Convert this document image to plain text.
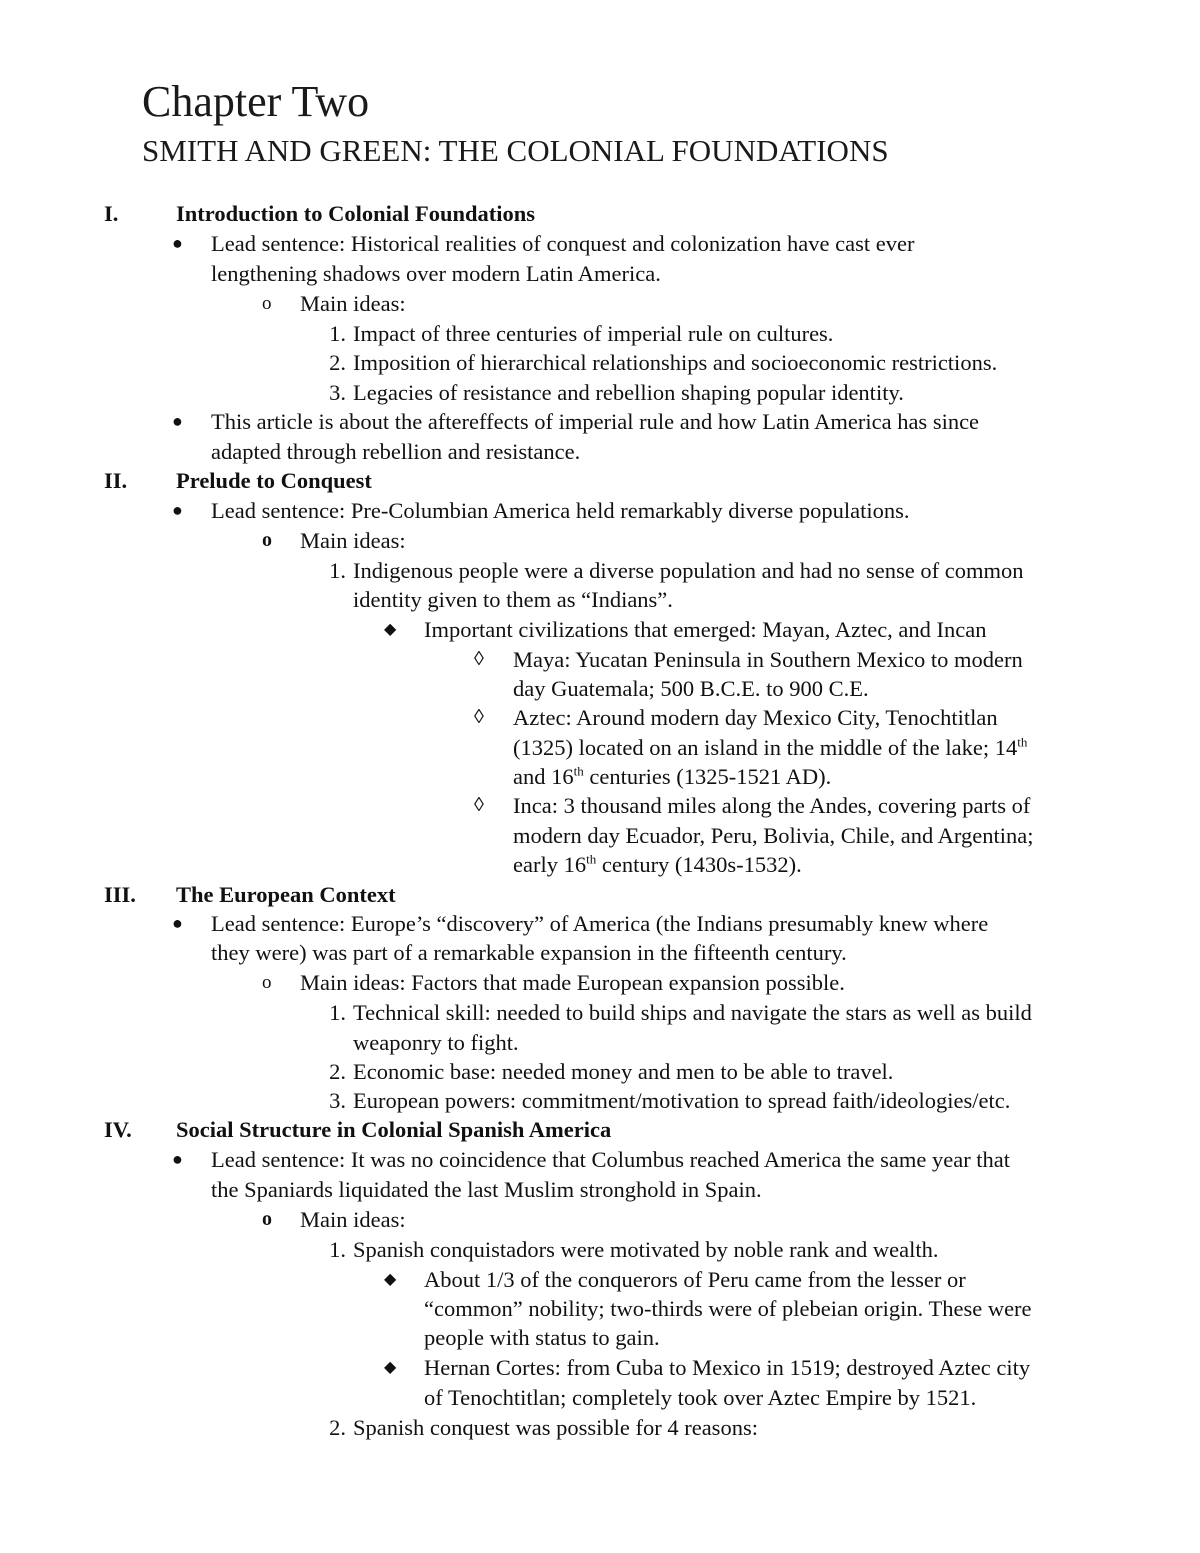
Chapter Two
SMITH AND GREEN: THE COLONIAL FOUNDATIONS
I.	Introduction to Colonial Foundations
● Lead sentence: Historical realities of conquest and colonization have cast ever
lengthening shadows over modern Latin America.
o Main ideas:
1. Impact of three centuries of imperial rule on cultures.
2. Imposition of hierarchical relationships and socioeconomic restrictions.
3. Legacies of resistance and rebellion shaping popular identity.
● This article is about the aftereffects of imperial rule and how Latin America has since
adapted through rebellion and resistance.
II. Prelude to Conquest
● Lead sentence: Pre-Columbian America held remarkably diverse populations.
o Main ideas:
1. Indigenous people were a diverse population and had no sense of common
identity given to them as “Indians”.
◆ Important civilizations that emerged: Mayan, Aztec, and Incan
◊ Maya: Yucatan Peninsula in Southern Mexico to modern
day Guatemala; 500 B.C.E. to 900 C.E.
◊ Aztec: Around modern day Mexico City, Tenochtitlan
(1325) located on an island in the middle of the lake; 14th
and 16th centuries (1325-1521 AD).
◊ Inca: 3 thousand miles along the Andes, covering parts of
modern day Ecuador, Peru, Bolivia, Chile, and Argentina;
early 16th century (1430s-1532).
III. The European Context
● Lead sentence: Europe’s “discovery” of America (the Indians presumably knew where
they were) was part of a remarkable expansion in the fifteenth century.
o Main ideas: Factors that made European expansion possible.
1. Technical skill: needed to build ships and navigate the stars as well as build
weaponry to fight.
2. Economic base: needed money and men to be able to travel.
3. European powers: commitment/motivation to spread faith/ideologies/etc.
IV. Social Structure in Colonial Spanish America
● Lead sentence: It was no coincidence that Columbus reached America the same year that
the Spaniards liquidated the last Muslim stronghold in Spain.
o Main ideas:
1. Spanish conquistadors were motivated by noble rank and wealth.
◆ About 1/3 of the conquerors of Peru came from the lesser or
“common” nobility; two-thirds were of plebeian origin. These were
people with status to gain.
◆ Hernan Cortes: from Cuba to Mexico in 1519; destroyed Aztec city
of Tenochtitlan; completely took over Aztec Empire by 1521.
2. Spanish conquest was possible for 4 reasons:
